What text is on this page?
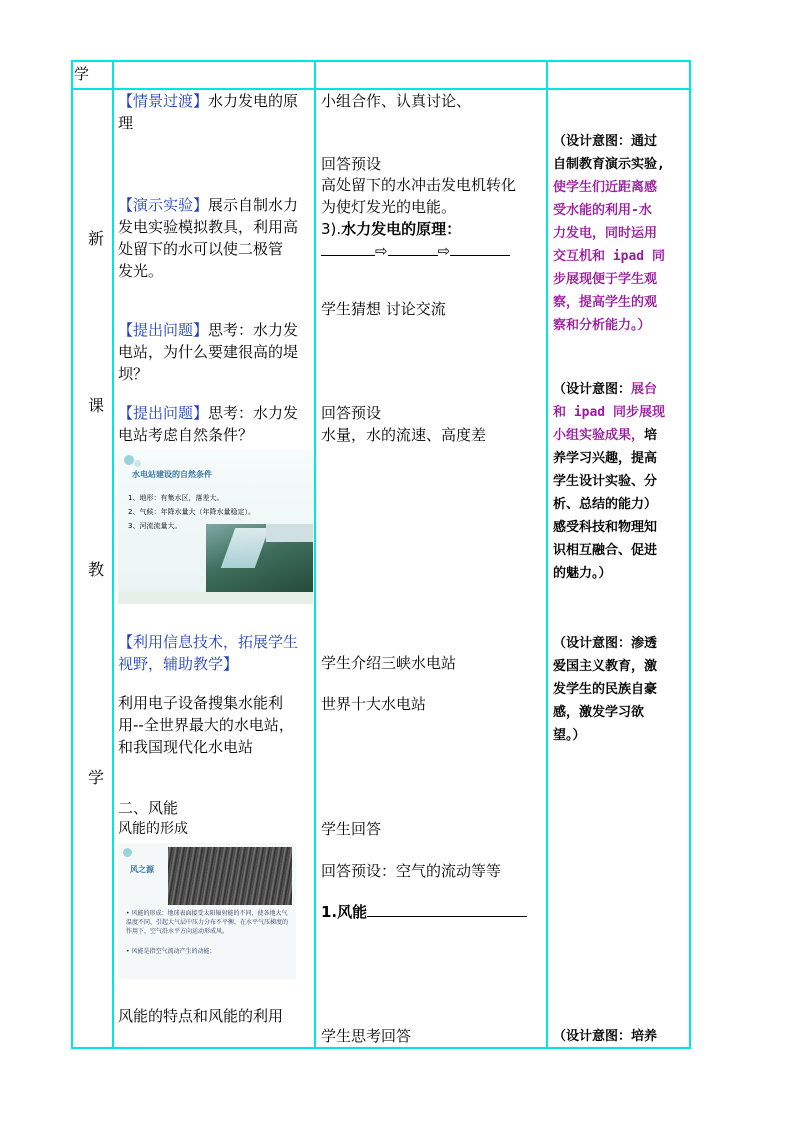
学
新
课
教
学
【情景过渡】水力发电的原
理
【演示实验】展示自制水力
发电实验模拟教具，利用高
处留下的水可以使二极管
发光。
【提出问题】思考：水力发
电站，为什么要建很高的堤
坝？
【提出问题】思考：水力发
电站考虑自然条件？
水电站建设的自然条件
1、地形：有集水区，落差大。
2、气候：年降水量大（年降水量稳定）。
3、河流流量大。
【利用信息技术，拓展学生
视野，辅助教学】
利用电子设备搜集水能利
用--全世界最大的水电站，
和我国现代化水电站
二、风能
风能的形成
风之源
• 风能的形成：地球表面接受太阳辐射能的不同，使各地大气温度不同，引起大气层中压力分布不平衡，在水平气压梯度的作用下，空气沿水平方向运动形成风。
• 风能是指空气流动产生的动能；
风能的特点和风能的利用
小组合作、认真讨论、
回答预设
高处留下的水冲击发电机转化
为使灯发光的电能。
3).水力发电的原理：
⇨	⇨
学生猜想 讨论交流
回答预设
水量，水的流速、高度差
学生介绍三峡水电站
世界十大水电站
学生回答
回答预设：空气的流动等等
1.风能
学生思考回答
（设计意图：通过
自制教育演示实验,
使学生们近距离感
受水能的利用-水
力发电，同时运用
交互机和 ipad 同
步展现便于学生观
察，提高学生的观
察和分析能力。）
（设计意图：展台
和 ipad 同步展现
小组实验成果，培
养学习兴趣，提高
学生设计实验、分
析、总结的能力）
感受科技和物理知
识相互融合、促进
的魅力。）
（设计意图：渗透
爱国主义教育，激
发学生的民族自豪
感，激发学习欲
望。）
（设计意图：培养
